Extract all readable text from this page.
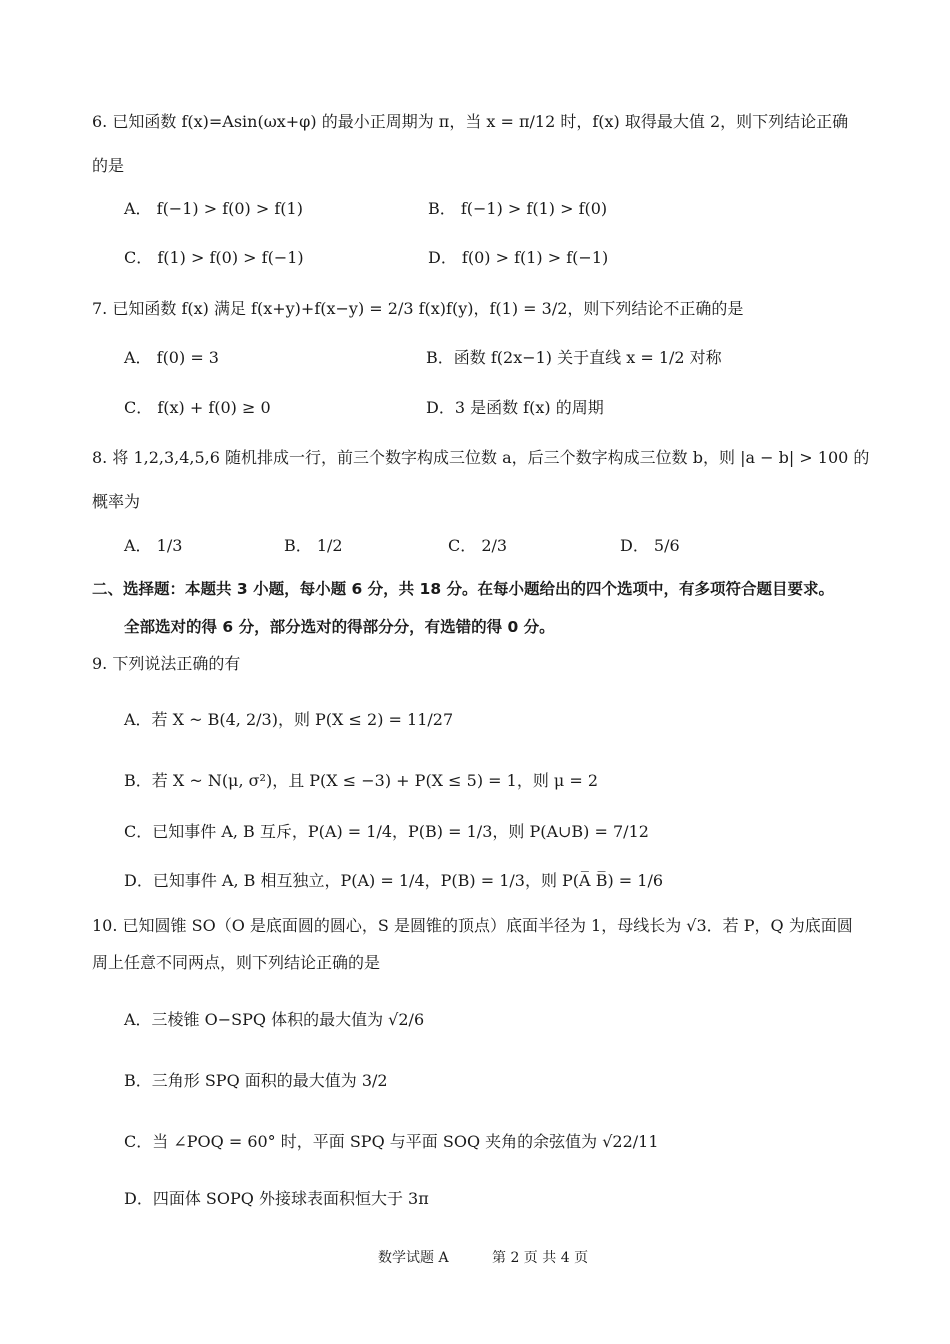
6. 已知函数 f(x)=Asin(ωx+φ) 的最小正周期为 π，当 x = π/12 时，f(x) 取得最大值 2，则下列结论正确
的是
A． f(−1) > f(0) > f(1)	B． f(−1) > f(1) > f(0)
C． f(1) > f(0) > f(−1)	D． f(0) > f(1) > f(−1)
7. 已知函数 f(x) 满足 f(x+y)+f(x−y) = 2/3 f(x)f(y)，f(1) = 3/2，则下列结论不正确的是
A． f(0) = 3	B．函数 f(2x−1) 关于直线 x = 1/2 对称
C． f(x) + f(0) ≥ 0	D．3 是函数 f(x) 的周期
8. 将 1,2,3,4,5,6 随机排成一行，前三个数字构成三位数 a，后三个数字构成三位数 b，则 |a − b| > 100 的
概率为
A． 1/3	B． 1/2	C． 2/3	D． 5/6
二、选择题：本题共 3 小题，每小题 6 分，共 18 分。在每小题给出的四个选项中，有多项符合题目要求。
全部选对的得 6 分，部分选对的得部分分，有选错的得 0 分。
9. 下列说法正确的有
A．若 X ~ B(4, 2/3)，则 P(X ≤ 2) = 11/27
B．若 X ~ N(μ, σ²)，且 P(X ≤ −3) + P(X ≤ 5) = 1，则 μ = 2
C．已知事件 A, B 互斥，P(A) = 1/4，P(B) = 1/3，则 P(A∪B) = 7/12
D．已知事件 A, B 相互独立，P(A) = 1/4，P(B) = 1/3，则 P(A̅ B̅) = 1/6
10. 已知圆锥 SO（O 是底面圆的圆心，S 是圆锥的顶点）底面半径为 1，母线长为 √3．若 P，Q 为底面圆
周上任意不同两点，则下列结论正确的是
A．三棱锥 O−SPQ 体积的最大值为 √2/6
B．三角形 SPQ 面积的最大值为 3/2
C．当 ∠POQ = 60° 时，平面 SPQ 与平面 SOQ 夹角的余弦值为 √22/11
D．四面体 SOPQ 外接球表面积恒大于 3π
数学试题 A	第 2 页 共 4 页
